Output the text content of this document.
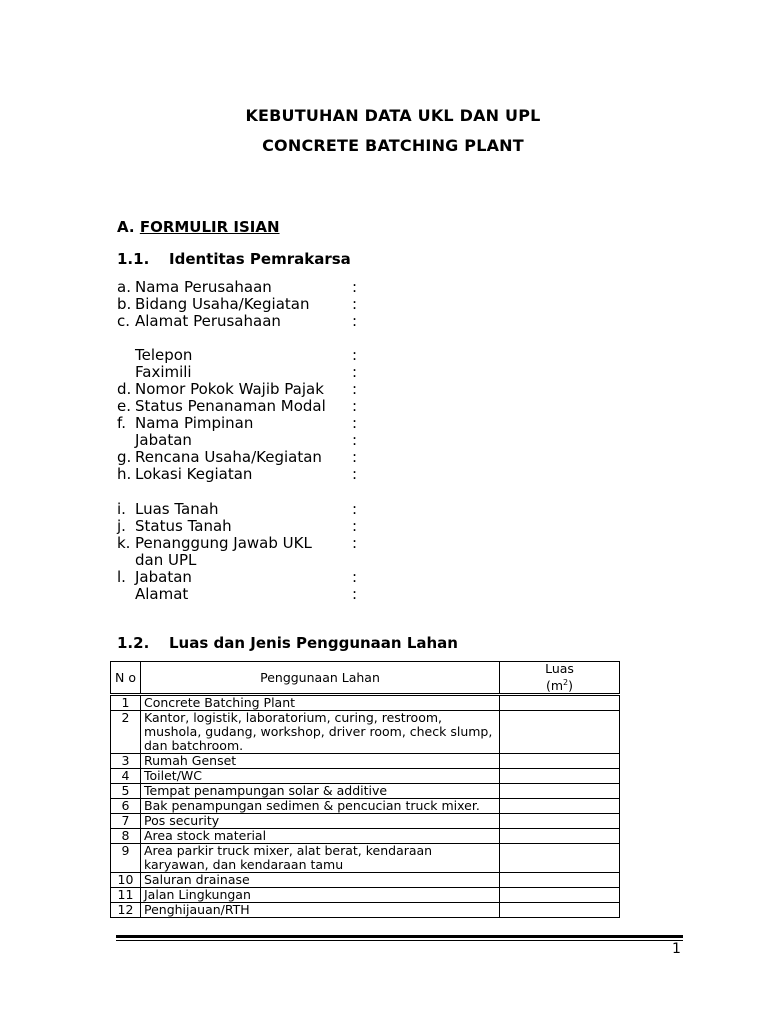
KEBUTUHAN DATA UKL DAN UPL
CONCRETE BATCHING PLANT
A. FORMULIR ISIAN
1.1. Identitas Pemrakarsa
a. Nama Perusahaan	:
b. Bidang Usaha/Kegiatan	:
c. Alamat Perusahaan	:
Telepon	:
Faximili	:
d. Nomor Pokok Wajib Pajak :
e. Status Penanaman Modal :
f. Nama Pimpinan	:
Jabatan	:
g. Rencana Usaha/Kegiatan :
h. Lokasi Kegiatan	:
i. Luas Tanah	:
j. Status Tanah	:
k. Penanggung Jawab UKL	:
dan UPL
l. Jabatan	:
Alamat	:
1.2. Luas dan Jenis Penggunaan Lahan
N o	Penggunaan Lahan	Luas
$(m^2)$

1	Concrete Batching Plant	
2	Kantor, logistik, laboratorium, curing, restroom, mushola, gudang, workshop, driver room, check slump, dan batchroom.	
3	Rumah Genset	
4	Toilet/WC	
5	Tempat penampungan solar & additive	
6	Bak penampungan sedimen & pencucian truck mixer.	
7	Pos security	
8	Area stock material	
9	Area parkir truck mixer, alat berat, kendaraan karyawan, dan kendaraan tamu	
10	Saluran drainase	
11	Jalan Lingkungan	
12	Penghijauan/RTH	
1
